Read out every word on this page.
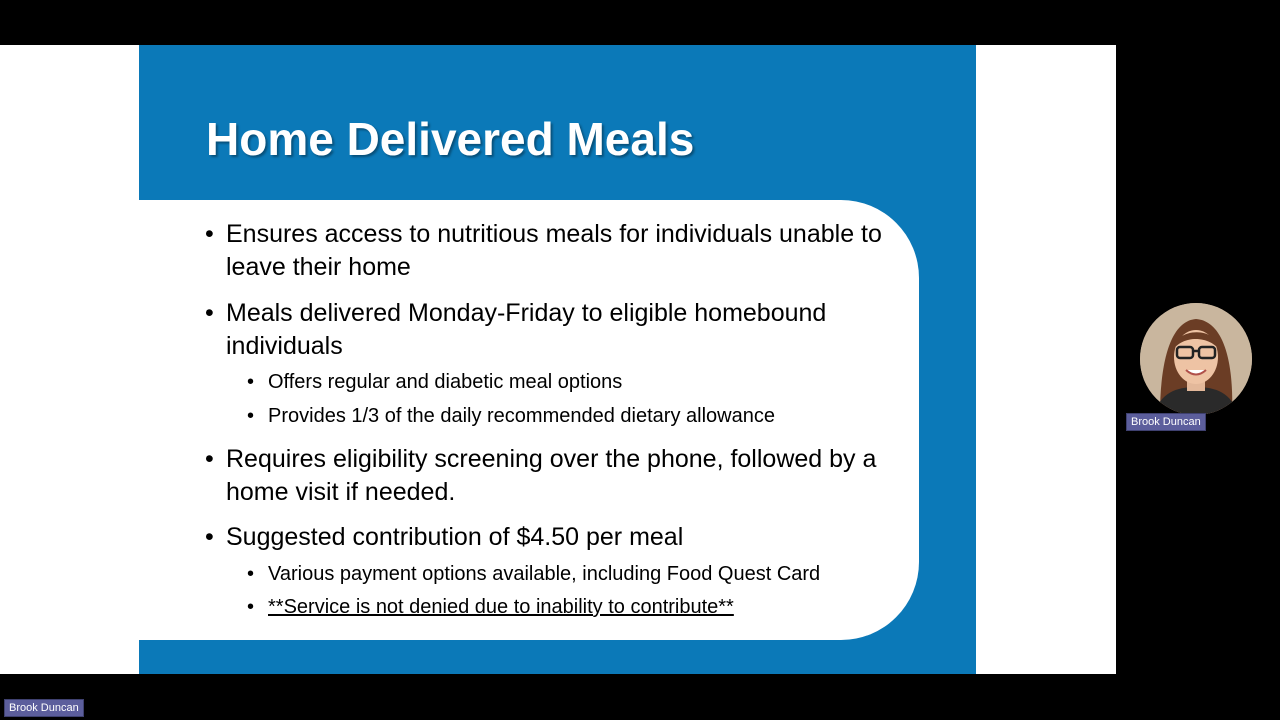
Home Delivered Meals
• Ensures access to nutritious meals for individuals unable to leave their home
• Meals delivered Monday-Friday to eligible homebound individuals
• Offers regular and diabetic meal options
• Provides 1/3 of the daily recommended dietary allowance
• Requires eligibility screening over the phone, followed by a home visit if needed.
• Suggested contribution of $4.50 per meal
• Various payment options available, including Food Quest Card
• **Service is not denied due to inability to contribute**
Brook Duncan
Brook Duncan
